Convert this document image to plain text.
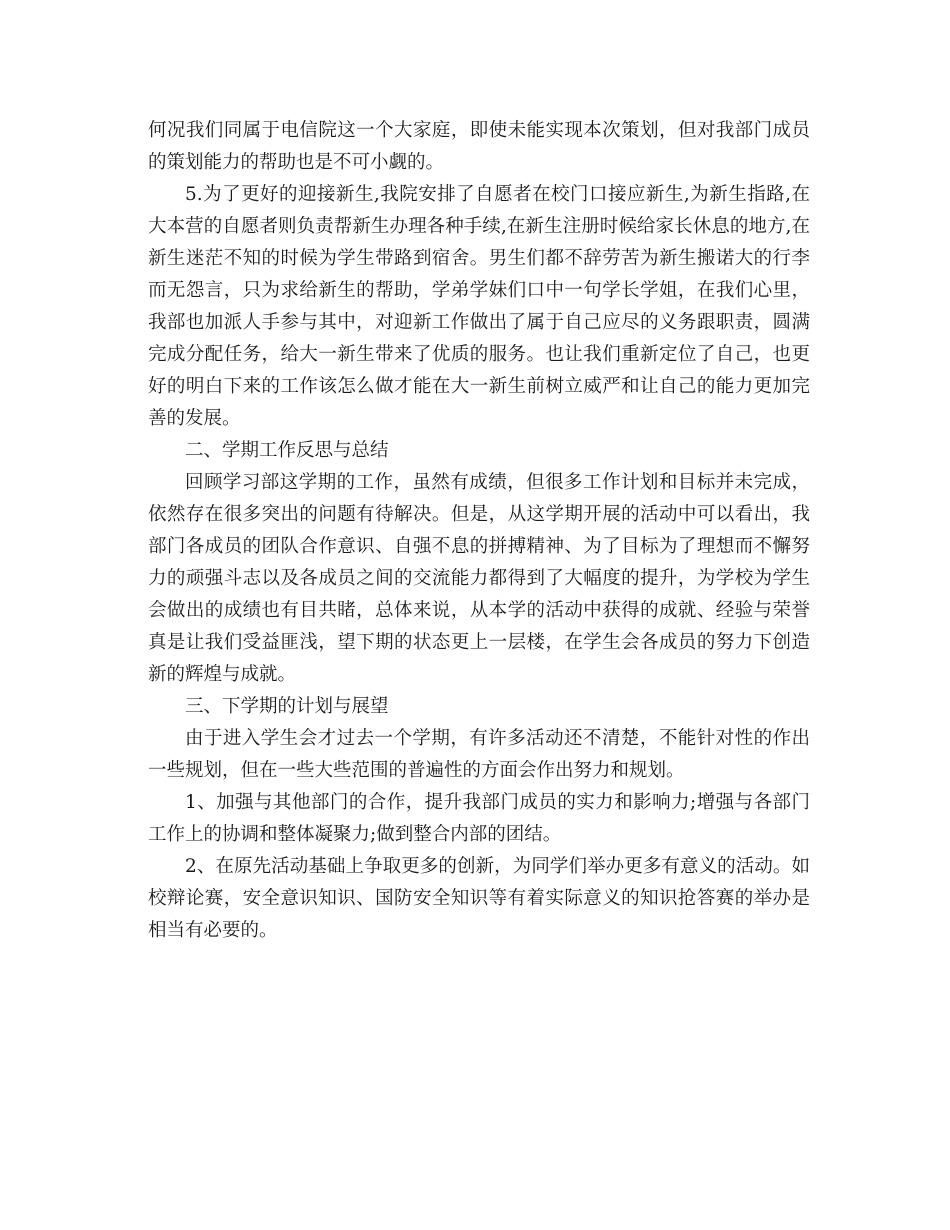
何况我们同属于电信院这一个大家庭，即使未能实现本次策划，但对我部门成员的策划能力的帮助也是不可小觑的。

5.为了更好的迎接新生,我院安排了自愿者在校门口接应新生,为新生指路,在大本营的自愿者则负责帮新生办理各种手续,在新生注册时候给家长休息的地方,在新生迷茫不知的时候为学生带路到宿舍。男生们都不辞劳苦为新生搬诺大的行李而无怨言，只为求给新生的帮助，学弟学妹们口中一句学长学姐，在我们心里，我部也加派人手参与其中，对迎新工作做出了属于自己应尽的义务跟职责，圆满完成分配任务，给大一新生带来了优质的服务。也让我们重新定位了自己，也更好的明白下来的工作该怎么做才能在大一新生前树立威严和让自己的能力更加完善的发展。

二、学期工作反思与总结

回顾学习部这学期的工作，虽然有成绩，但很多工作计划和目标并未完成，依然存在很多突出的问题有待解决。但是，从这学期开展的活动中可以看出，我部门各成员的团队合作意识、自强不息的拼搏精神、为了目标为了理想而不懈努力的顽强斗志以及各成员之间的交流能力都得到了大幅度的提升，为学校为学生会做出的成绩也有目共睹，总体来说，从本学的活动中获得的成就、经验与荣誉真是让我们受益匪浅，望下期的状态更上一层楼，在学生会各成员的努力下创造新的辉煌与成就。

三、下学期的计划与展望

由于进入学生会才过去一个学期，有许多活动还不清楚，不能针对性的作出一些规划，但在一些大些范围的普遍性的方面会作出努力和规划。

1、加强与其他部门的合作，提升我部门成员的实力和影响力;增强与各部门工作上的协调和整体凝聚力;做到整合内部的团结。

2、在原先活动基础上争取更多的创新，为同学们举办更多有意义的活动。如校辩论赛，安全意识知识、国防安全知识等有着实际意义的知识抢答赛的举办是相当有必要的。
